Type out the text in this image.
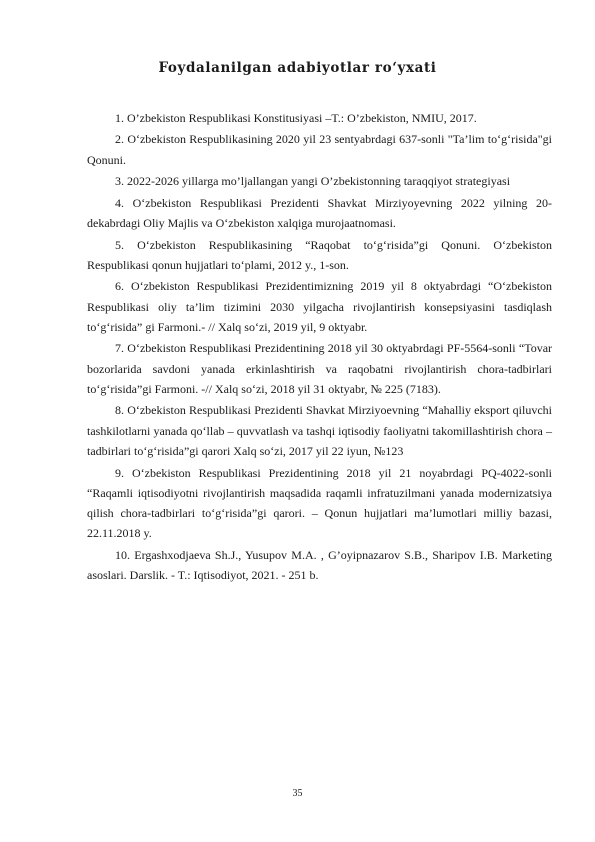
Foydalanilgan adabiyotlar ro‘yxati

1. O’zbekiston Respublikasi Konstitusiyasi –T.: O’zbekiston, NMIU, 2017.

2. O‘zbekiston Respublikasining 2020 yil 23 sentyabrdagi 637-sonli "Ta’lim to‘g‘risida"gi Qonuni.

3. 2022-2026 yillarga mo’ljallangan yangi O’zbekistonning taraqqiyot strategiyasi

4. O‘zbekiston Respublikasi Prezidenti Shavkat Mirziyoyevning 2022 yilning 20-dekabrdagi Oliy Majlis va O‘zbekiston xalqiga murojaatnomasi.

5. O‘zbekiston Respublikasining “Raqobat to‘g‘risida”gi Qonuni. O‘zbekiston Respublikasi qonun hujjatlari to‘plami, 2012 y., 1-son.

6. O‘zbekiston Respublikasi Prezidentimizning 2019 yil 8 oktyabrdagi “O‘zbekiston Respublikasi oliy ta’lim tizimini 2030 yilgacha rivojlantirish konsepsiyasini tasdiqlash to‘g‘risida” gi Farmoni.- // Xalq so‘zi, 2019 yil, 9 oktyabr.

7. O‘zbekiston Respublikasi Prezidentining 2018 yil 30 oktyabrdagi PF-5564-sonli “Tovar bozorlarida savdoni yanada erkinlashtirish va raqobatni rivojlantirish chora-tadbirlari to‘g‘risida”gi Farmoni. -// Xalq so‘zi, 2018 yil 31 oktyabr, № 225 (7183).

8. O‘zbekiston Respublikasi Prezidenti Shavkat Mirziyoevning “Mahalliy eksport qiluvchi tashkilotlarni yanada qo‘llab – quvvatlash va tashqi iqtisodiy faoliyatni takomillashtirish chora – tadbirlari to‘g‘risida”gi qarori Xalq so‘zi, 2017 yil 22 iyun, №123

9. O‘zbekiston Respublikasi Prezidentining 2018 yil 21 noyabrdagi PQ-4022-sonli “Raqamli iqtisodiyotni rivojlantirish maqsadida raqamli infratuzilmani yanada modernizatsiya qilish chora-tadbirlari to‘g‘risida”gi qarori. – Qonun hujjatlari ma’lumotlari milliy bazasi, 22.11.2018 y.

10. Ergashxodjaeva Sh.J., Yusupov M.A. , G’oyipnazarov S.B., Sharipov I.B. Marketing asoslari. Darslik. - T.: Iqtisodiyot, 2021. - 251 b.

35
